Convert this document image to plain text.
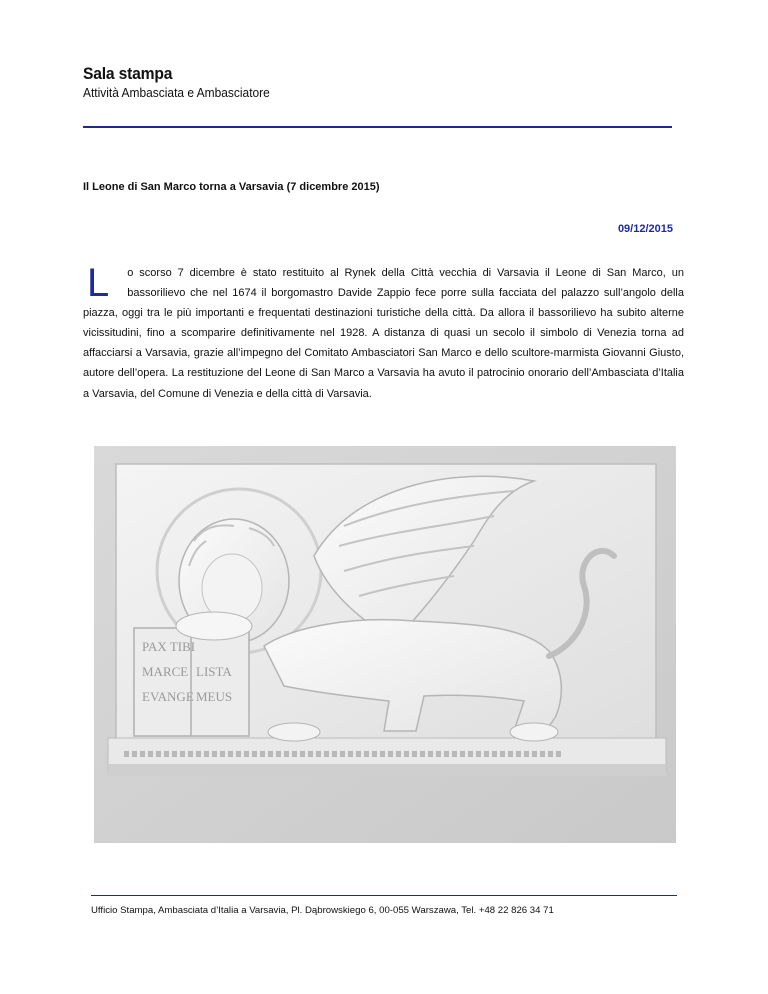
Sala stampa
Attività Ambasciata e Ambasciatore
Il Leone di San Marco torna a Varsavia (7 dicembre 2015)
09/12/2015
L o scorso 7 dicembre è stato restituito al Rynek della Città vecchia di Varsavia il Leone di San Marco, un bassorilievo che nel 1674 il borgomastro Davide Zappio fece porre sulla facciata del palazzo sull’angolo della piazza, oggi tra le più importanti e frequentati destinazioni turistiche della città. Da allora il bassorilievo ha subito alterne vicissitudini, fino a scomparire definitivamente nel 1928. A distanza di quasi un secolo il simbolo di Venezia torna ad affacciarsi a Varsavia, grazie all’impegno del Comitato Ambasciatori San Marco e dello scultore-marmista Giovanni Giusto, autore dell’opera. La restituzione del Leone di San Marco a Varsavia ha avuto il patrocinio onorario dell’Ambasciata d’Italia a Varsavia, del Comune di Venezia e della città di Varsavia.
PAX TIBI
MARCE
EVANGE
LISTA
MEUS
Ufficio Stampa, Ambasciata d’Italia a Varsavia, Pl. Dąbrowskiego 6, 00-055 Warszawa, Tel. +48 22 826 34 71
